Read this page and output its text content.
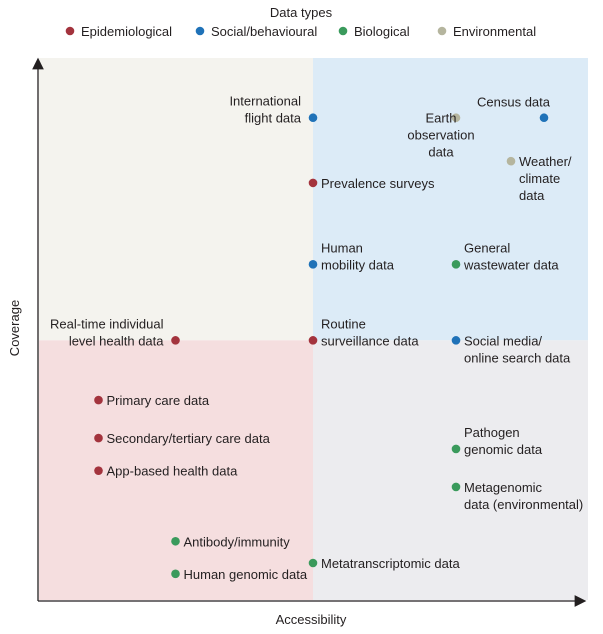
Data types
Epidemiological	Social/behavioural	Biological	Environmental
Accessibility
Coverage
International flight data	Earth observation data
Census data
Weather/ climate data
Prevalence surveys
Human mobility data
General wastewater data
Real-time individual level health data
Routine surveillance data	Social media/ online search data
Primary care data
Secondary/tertiary care data
App-based health data
Pathogen genomic data
Metagenomic data (environmental)
Antibody/immunity
Metatranscriptomic data
Human genomic data
